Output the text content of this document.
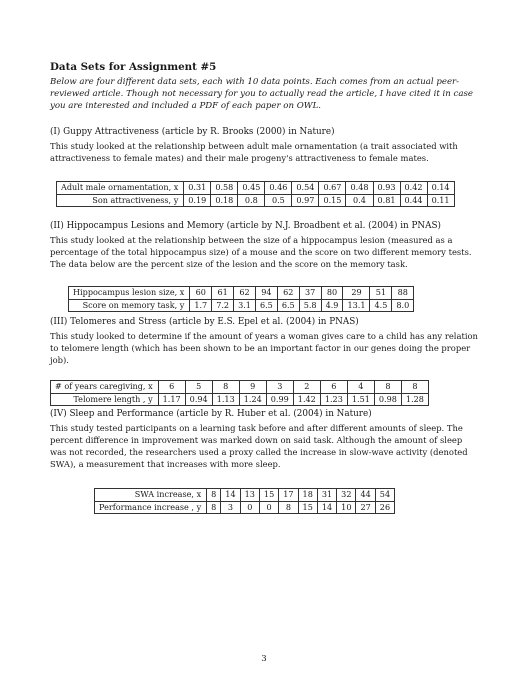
Data Sets for Assignment #5
Below are four different data sets, each with 10 data points. Each comes from an actual peer-reviewed article. Though not necessary for you to actually read the article, I have cited it in case you are interested and included a PDF of each paper on OWL.
(I) Guppy Attractiveness (article by R. Brooks (2000) in Nature)
This study looked at the relationship between adult male ornamentation (a trait associated with attractiveness to female mates) and their male progeny's attractiveness to female mates.
Adult male ornamentation, x	0.31	0.58	0.45	0.46	0.54	0.67	0.48	0.93	0.42	0.14
Son attractiveness, y	0.19	0.18	0.8	0.5	0.97	0.15	0.4	0.81	0.44	0.11
(II) Hippocampus Lesions and Memory (article by N.J. Broadbent et al. (2004) in PNAS)
This study looked at the relationship between the size of a hippocampus lesion (measured as a percentage of the total hippocampus size) of a mouse and the score on two different memory tests. The data below are the percent size of the lesion and the score on the memory task.
Hippocampus lesion size, x	60	61	62	94	62	37	80	29	51	88
Score on memory task, y	1.7	7.2	3.1	6.5	6.5	5.8	4.9	13.1	4.5	8.0
(III) Telomeres and Stress (article by E.S. Epel et al. (2004) in PNAS)
This study looked to determine if the amount of years a woman gives care to a child has any relation to telomere length (which has been shown to be an important factor in our genes doing the proper job).
# of years caregiving, x	6	5	8	9	3	2	6	4	8	8
Telomere length , y	1.17	0.94	1.13	1.24	0.99	1.42	1.23	1.51	0.98	1.28
(IV) Sleep and Performance (article by R. Huber et al. (2004) in Nature)
This study tested participants on a learning task before and after different amounts of sleep. The percent difference in improvement was marked down on said task. Although the amount of sleep was not recorded, the researchers used a proxy called the increase in slow-wave activity (denoted SWA), a measurement that increases with more sleep.
SWA increase, x	8	14	13	15	17	18	31	32	44	54
Performance increase , y	8	3	0	0	8	15	14	10	27	26
3
